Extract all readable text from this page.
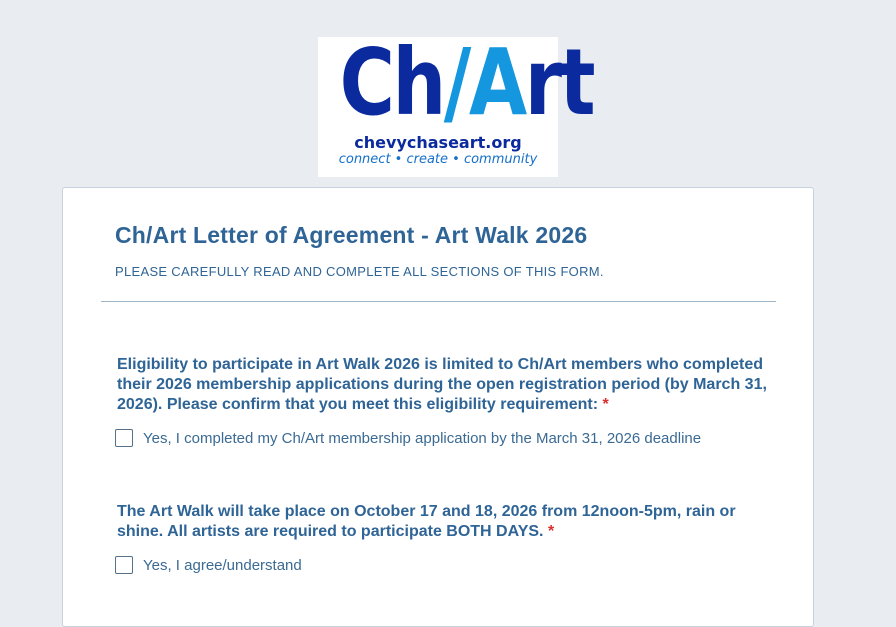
Ch/Art
chevychaseart.org
connect • create • community
Ch/Art Letter of Agreement - Art Walk 2026

PLEASE CAREFULLY READ AND COMPLETE ALL SECTIONS OF THIS FORM.

Eligibility to participate in Art Walk 2026 is limited to Ch/Art members who completed their 2026 membership applications during the open registration period (by March 31, 2026). Please confirm that you meet this eligibility requirement: *

Yes, I completed my Ch/Art membership application by the March 31, 2026 deadline

The Art Walk will take place on October 17 and 18, 2026 from 12noon-5pm, rain or shine. All artists are required to participate BOTH DAYS. *

Yes, I agree/understand
